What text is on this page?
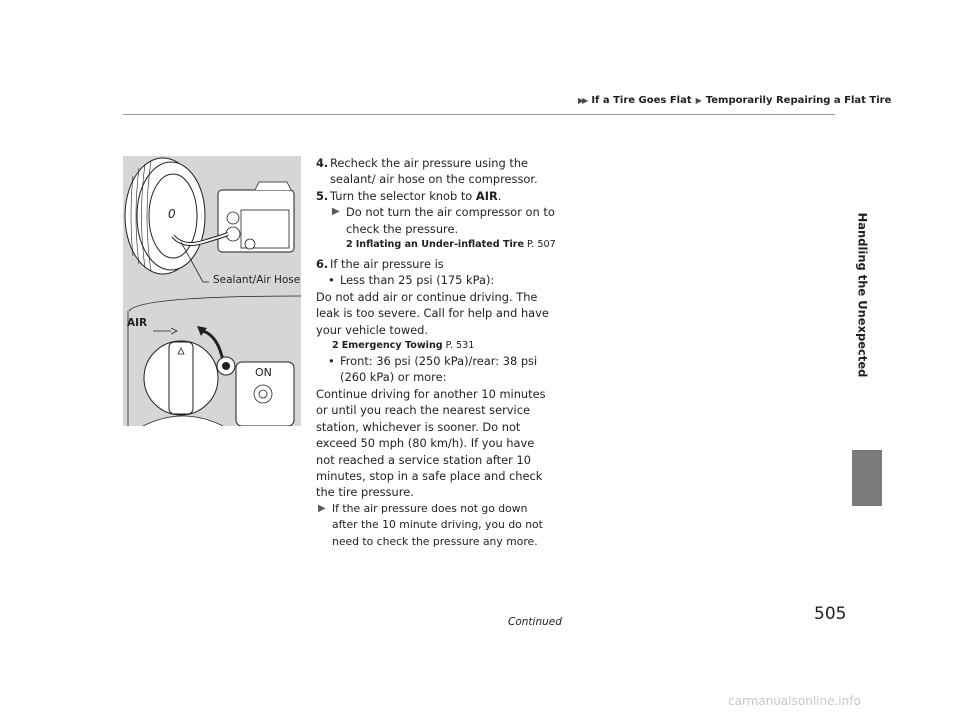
▶▶ If a Tire Goes Flat ▶ Temporarily Repairing a Flat Tire
Handling the Unexpected
0
Sealant/Air Hose
AIR
ON
4. Recheck the air pressure using the sealant/ air hose on the compressor.
5. Turn the selector knob to AIR.
▶ Do not turn the air compressor on to check the pressure.
2 Inflating an Under-inflated Tire P. 507
6. If the air pressure is
• Less than 25 psi (175 kPa):
Do not add air or continue driving. The leak is too severe. Call for help and have your vehicle towed.
2 Emergency Towing P. 531
• Front: 36 psi (250 kPa)/rear: 38 psi (260 kPa) or more:
Continue driving for another 10 minutes or until you reach the nearest service station, whichever is sooner. Do not exceed 50 mph (80 km/h). If you have not reached a service station after 10 minutes, stop in a safe place and check the tire pressure.
▶ If the air pressure does not go down after the 10 minute driving, you do not need to check the pressure any more.
Continued	505
carmanualsonline.info
